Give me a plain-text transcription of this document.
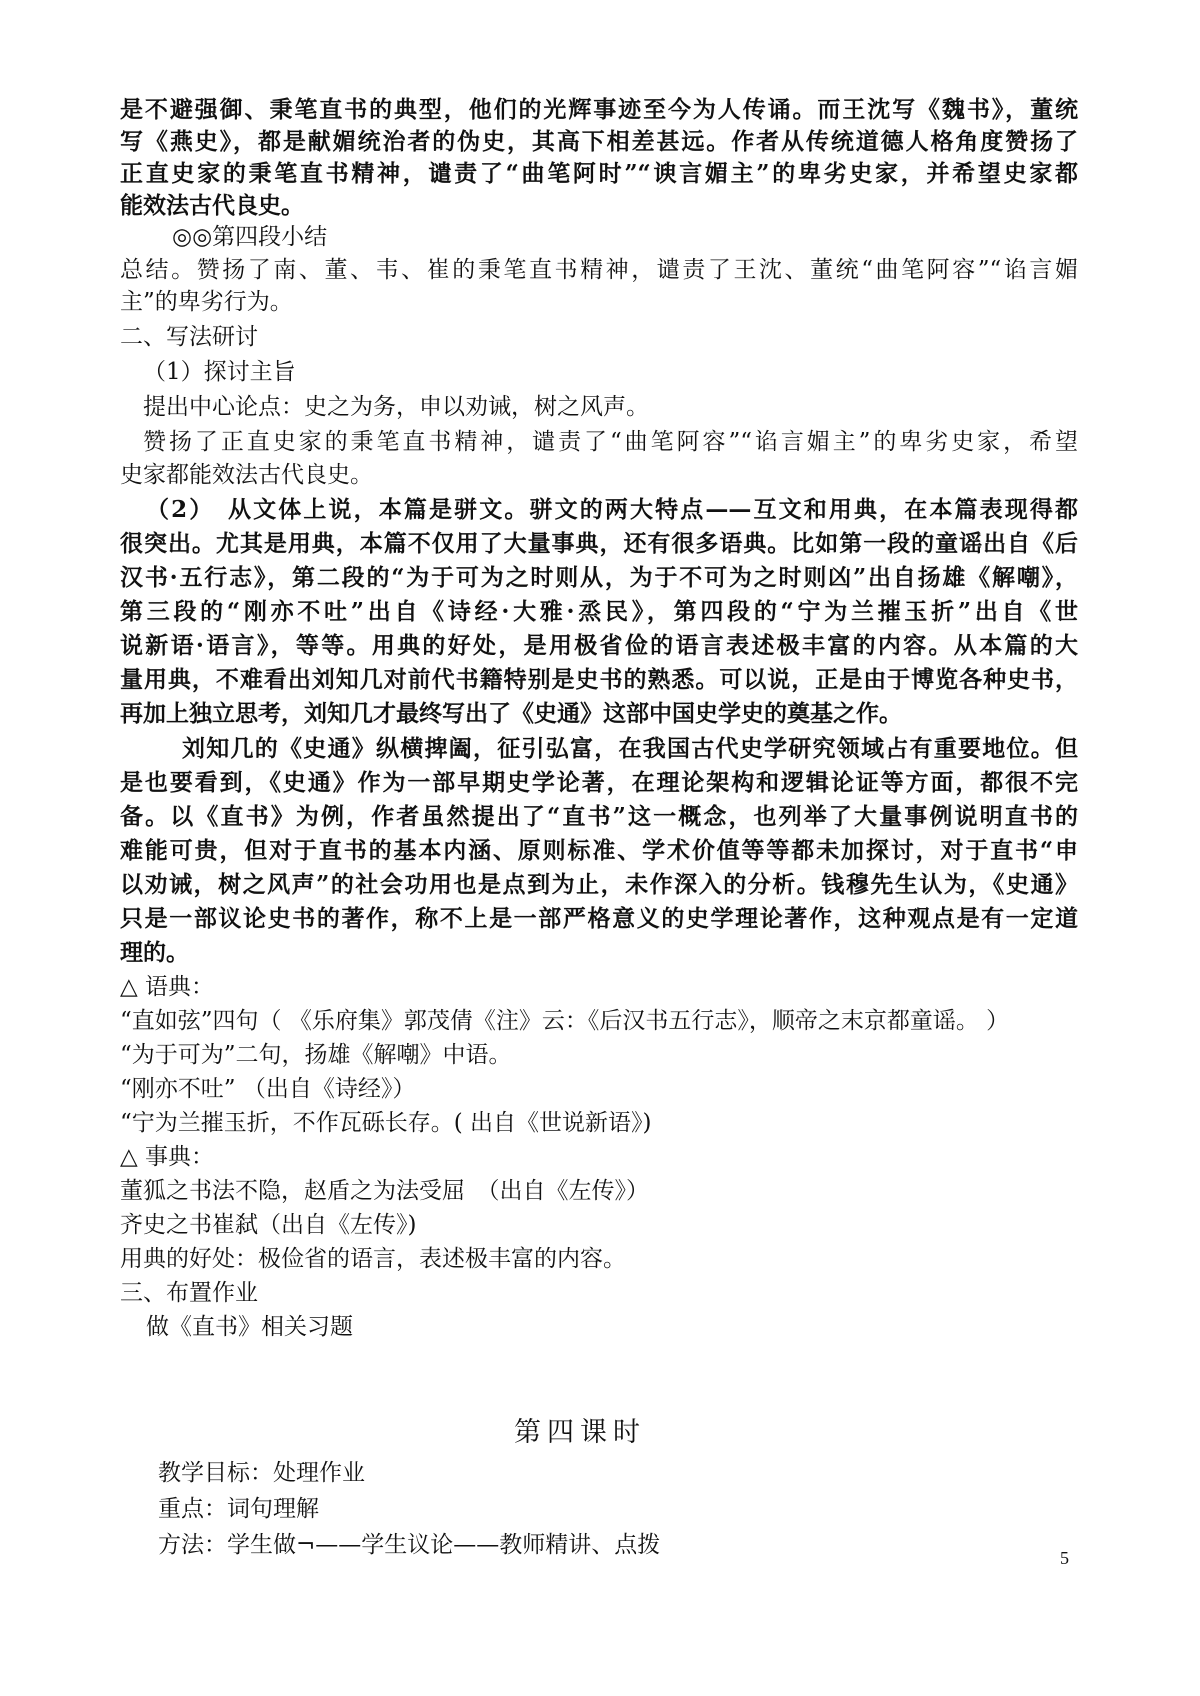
是不避强御、秉笔直书的典型，他们的光辉事迹至今为人传诵。而王沈写《魏书》，董统
写《燕史》，都是献媚统治者的伪史，其高下相差甚远。作者从传统道德人格角度赞扬了
正直史家的秉笔直书精神，谴责了“曲笔阿时”“谀言媚主”的卑劣史家，并希望史家都
能效法古代良史。
◎◎第四段小结
总结。赞扬了南、董、韦、崔的秉笔直书精神，谴责了王沈、董统“曲笔阿容”“谄言媚
主”的卑劣行为。
二、写法研讨
（1）探讨主旨
提出中心论点：史之为务，申以劝诫，树之风声。
赞扬了正直史家的秉笔直书精神，谴责了“曲笔阿容”“谄言媚主”的卑劣史家，希望
史家都能效法古代良史。
（2）　从文体上说，本篇是骈文。骈文的两大特点——互文和用典，在本篇表现得都
很突出。尤其是用典，本篇不仅用了大量事典，还有很多语典。比如第一段的童谣出自《后
汉书·五行志》，第二段的“为于可为之时则从，为于不可为之时则凶”出自扬雄《解嘲》，
第三段的“刚亦不吐”出自《诗经·大雅·烝民》，第四段的“宁为兰摧玉折”出自《世
说新语·语言》，等等。用典的好处，是用极省俭的语言表述极丰富的内容。从本篇的大
量用典，不难看出刘知几对前代书籍特别是史书的熟悉。可以说，正是由于博览各种史书，
再加上独立思考，刘知几才最终写出了《史通》这部中国史学史的奠基之作。
刘知几的《史通》纵横捭阖，征引弘富，在我国古代史学研究领域占有重要地位。但
是也要看到，《史通》作为一部早期史学论著，在理论架构和逻辑论证等方面，都很不完
备。以《直书》为例，作者虽然提出了“直书”这一概念，也列举了大量事例说明直书的
难能可贵，但对于直书的基本内涵、原则标准、学术价值等等都未加探讨，对于直书“申
以劝诫，树之风声”的社会功用也是点到为止，未作深入的分析。钱穆先生认为，《史通》
只是一部议论史书的著作，称不上是一部严格意义的史学理论著作，这种观点是有一定道
理的。
△ 语典：
“直如弦”四句（ 《乐府集》郭茂倩《注》云：《后汉书五行志》，顺帝之末京都童谣。 ）
“为于可为”二句，扬雄《解嘲》中语。
“刚亦不吐” （出自《诗经》）
“宁为兰摧玉折，不作瓦砾长存。( 出自《世说新语》)
△ 事典：
董狐之书法不隐，赵盾之为法受屈　（出自《左传》）
齐史之书崔弑（出自《左传》)
用典的好处：极俭省的语言，表述极丰富的内容。
三、布置作业
做《直书》相关习题
第四课时
教学目标：处理作业
重点：词句理解
方法：学生做¬——学生议论——教师精讲、点拨	5
